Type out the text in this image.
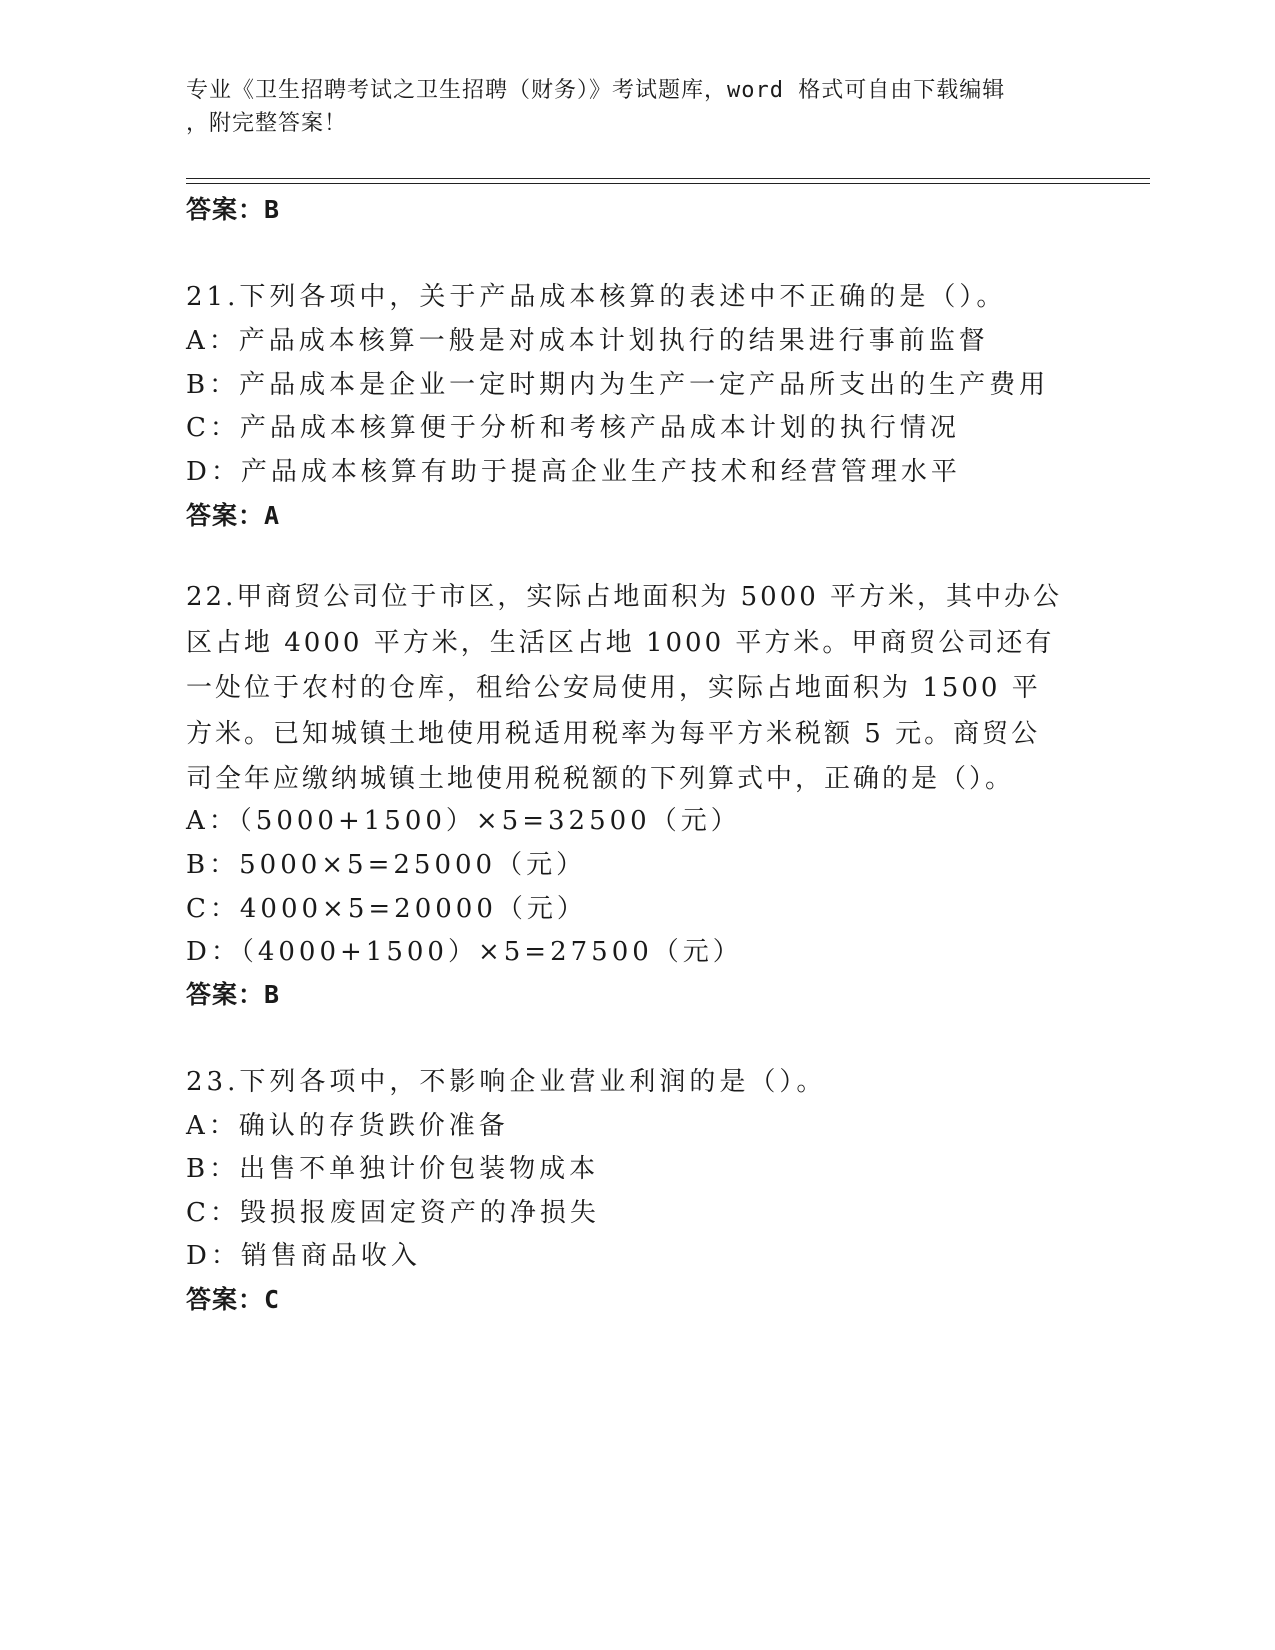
专业《卫生招聘考试之卫生招聘（财务）》考试题库，word 格式可自由下载编辑
，附完整答案！
答案：B
21.下列各项中，关于产品成本核算的表述中不正确的是（）。
A：产品成本核算一般是对成本计划执行的结果进行事前监督
B：产品成本是企业一定时期内为生产一定产品所支出的生产费用
C：产品成本核算便于分析和考核产品成本计划的执行情况
D：产品成本核算有助于提高企业生产技术和经营管理水平
答案：A
22.甲商贸公司位于市区，实际占地面积为 5000 平方米，其中办公区占地 4000 平方米，生活区占地 1000 平方米。甲商贸公司还有一处位于农村的仓库，租给公安局使用，实际占地面积为 1500 平方米。已知城镇土地使用税适用税率为每平方米税额 5 元。商贸公司全年应缴纳城镇土地使用税税额的下列算式中，正确的是（）。
A：（5000+1500）×5=32500（元）
B：5000×5=25000（元）
C：4000×5=20000（元）
D：（4000+1500）×5=27500（元）
答案：B
23.下列各项中，不影响企业营业利润的是（）。
A：确认的存货跌价准备
B：出售不单独计价包装物成本
C：毁损报废固定资产的净损失
D：销售商品收入
答案：C
